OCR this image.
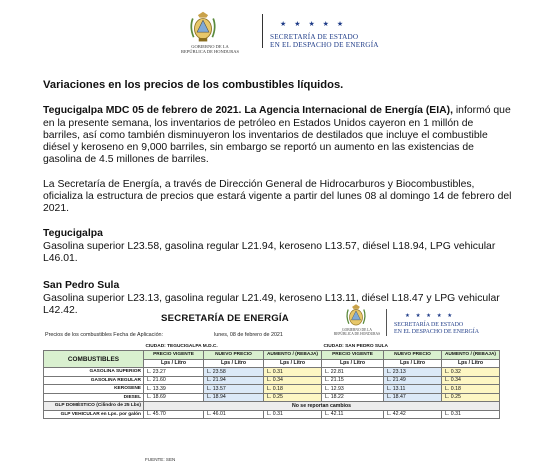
GOBIERNO DE LA
REPÚBLICA DE HONDURAS
★ ★ ★ ★ ★
SECRETARÍA DE ESTADO
EN EL DESPACHO DE ENERGÍA
Variaciones en los precios de los combustibles líquidos.

Tegucigalpa MDC 05 de febrero de 2021. La Agencia Internacional de Energía (EIA), informó que en la presente semana, los inventarios de petróleo en Estados Unidos cayeron en 1 millón de barriles, así como también disminuyeron los inventarios de destilados que incluye el combustible diésel y keroseno en 9,000 barriles, sin embargo se reportó un aumento en las existencias de gasolina de 4.5 millones de barriles.

La Secretaría de Energía, a través de Dirección General de Hidrocarburos y Biocombustibles, oficializa la estructura de precios que estará vigente a partir del lunes 08 al domingo 14 de febrero del 2021.

Tegucigalpa
Gasolina superior L23.58, gasolina regular L21.94, keroseno L13.57, diésel L18.94, LPG vehicular L46.01.
San Pedro Sula
Gasolina superior L23.13, gasolina regular L21.49, keroseno L13.11, diésel L18.47 y LPG vehicular L42.42.
SECRETARÍA DE ENERGÍA
GOBIERNO DE LA
REPÚBLICA DE HONDURAS
★ ★ ★ ★ ★
SECRETARÍA DE ESTADO
EN EL DESPACHO DE ENERGÍA
Precios de los combustibles Fecha de Aplicación:	lunes, 08 de febrero de 2021
	CIUDAD: TEGUCIGALPA M.D.C.			CIUDAD: SAN PEDRO SULA		
COMBUSTIBLES	PRECIO VIGENTE	NUEVO PRECIO	AUMENTO / (REBAJA)	PRECIO VIGENTE	NUEVO PRECIO	AUMENTO / (REBAJA)
	Lps / Litro	Lps / Litro	Lps / Litro	Lps / Litro	Lps / Litro	Lps / Litro
GASOLINA SUPERIOR	L. 23.27	L. 23.58	L. 0.31	L. 22.81	L. 23.13	L. 0.32
GASOLINA REGULAR	L. 21.60	L. 21.94	L. 0.34	L. 21.15	L. 21.49	L. 0.34
KEROSENE	L. 13.39	L. 13.57	L. 0.18	L. 12.93	L. 13.11	L. 0.18
DIESEL	L. 18.69	L. 18.94	L. 0.25	L. 18.22	L. 18.47	L. 0.25
GLP DOMÉSTICO (Cilindro de 25 Lbs)	No se reportan cambios					
GLP VEHICULAR en Lps. por galón	L. 45.70	L. 46.01	L. 0.31	L. 42.11	L. 42.42	L. 0.31
FUENTE: SEN
